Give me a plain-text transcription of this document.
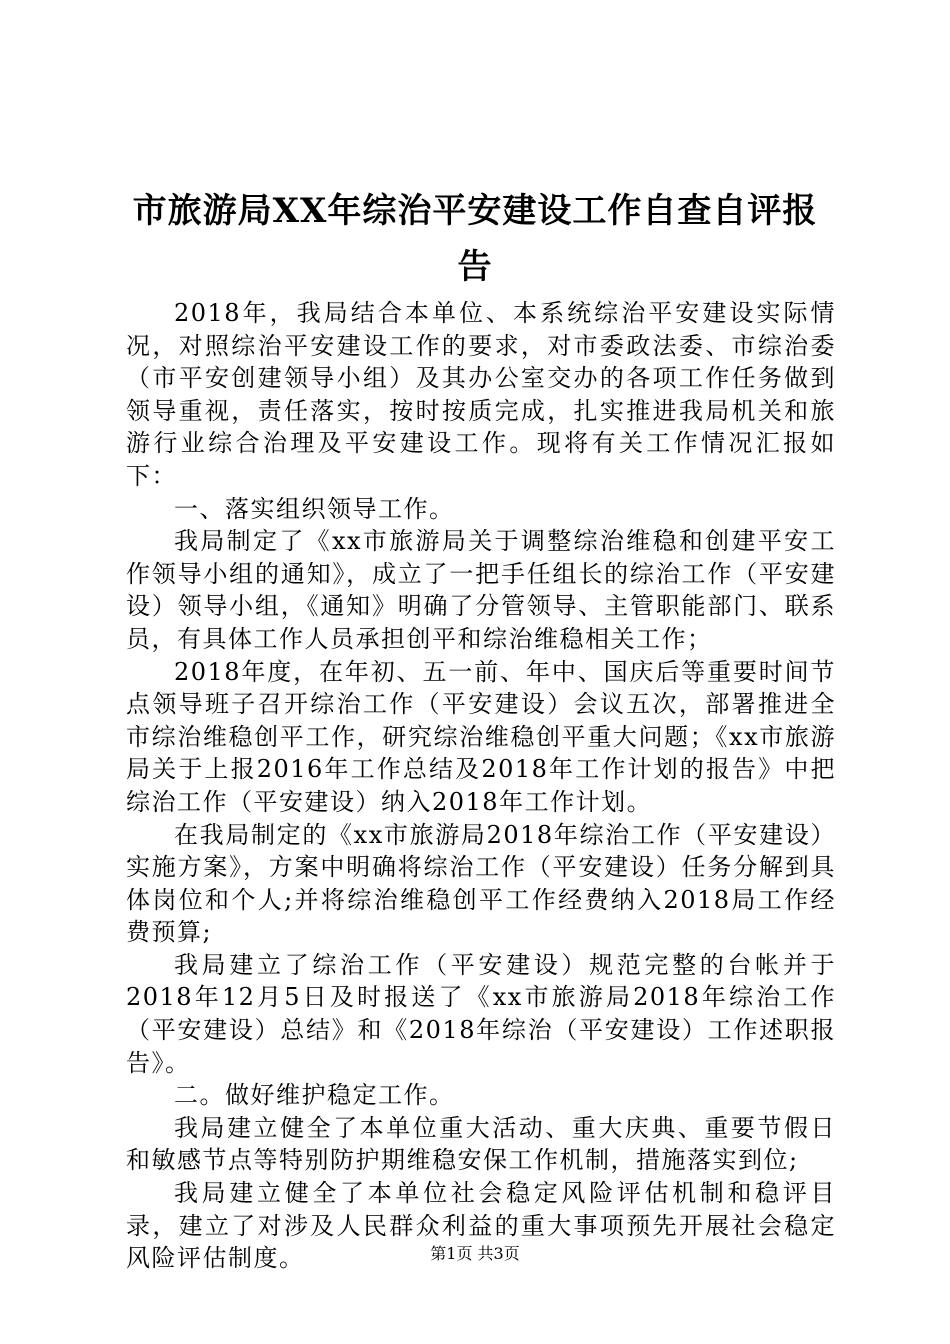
市旅游局XX年综治平安建设工作自查自评报告

2018年，我局结合本单位、本系统综治平安建设实际情况，对照综治平安建设工作的要求，对市委政法委、市综治委（市平安创建领导小组）及其办公室交办的各项工作任务做到领导重视，责任落实，按时按质完成，扎实推进我局机关和旅游行业综合治理及平安建设工作。现将有关工作情况汇报如下：

一、落实组织领导工作。

我局制定了《xx市旅游局关于调整综治维稳和创建平安工作领导小组的通知》，成立了一把手任组长的综治工作（平安建设）领导小组，《通知》明确了分管领导、主管职能部门、联系员，有具体工作人员承担创平和综治维稳相关工作；

2018年度，在年初、五一前、年中、国庆后等重要时间节点领导班子召开综治工作（平安建设）会议五次，部署推进全市综治维稳创平工作，研究综治维稳创平重大问题；《xx市旅游局关于上报2016年工作总结及2018年工作计划的报告》中把综治工作（平安建设）纳入2018年工作计划。

在我局制定的《xx市旅游局2018年综治工作（平安建设）实施方案》，方案中明确将综治工作（平安建设）任务分解到具体岗位和个人;并将综治维稳创平工作经费纳入2018局工作经费预算;

我局建立了综治工作（平安建设）规范完整的台帐并于2018年12月5日及时报送了《xx市旅游局2018年综治工作（平安建设）总结》和《2018年综治（平安建设）工作述职报告》。

二。做好维护稳定工作。

我局建立健全了本单位重大活动、重大庆典、重要节假日和敏感节点等特别防护期维稳安保工作机制，措施落实到位;

我局建立健全了本单位社会稳定风险评估机制和稳评目录，建立了对涉及人民群众利益的重大事项预先开展社会稳定风险评估制度。	第1页 共3页
